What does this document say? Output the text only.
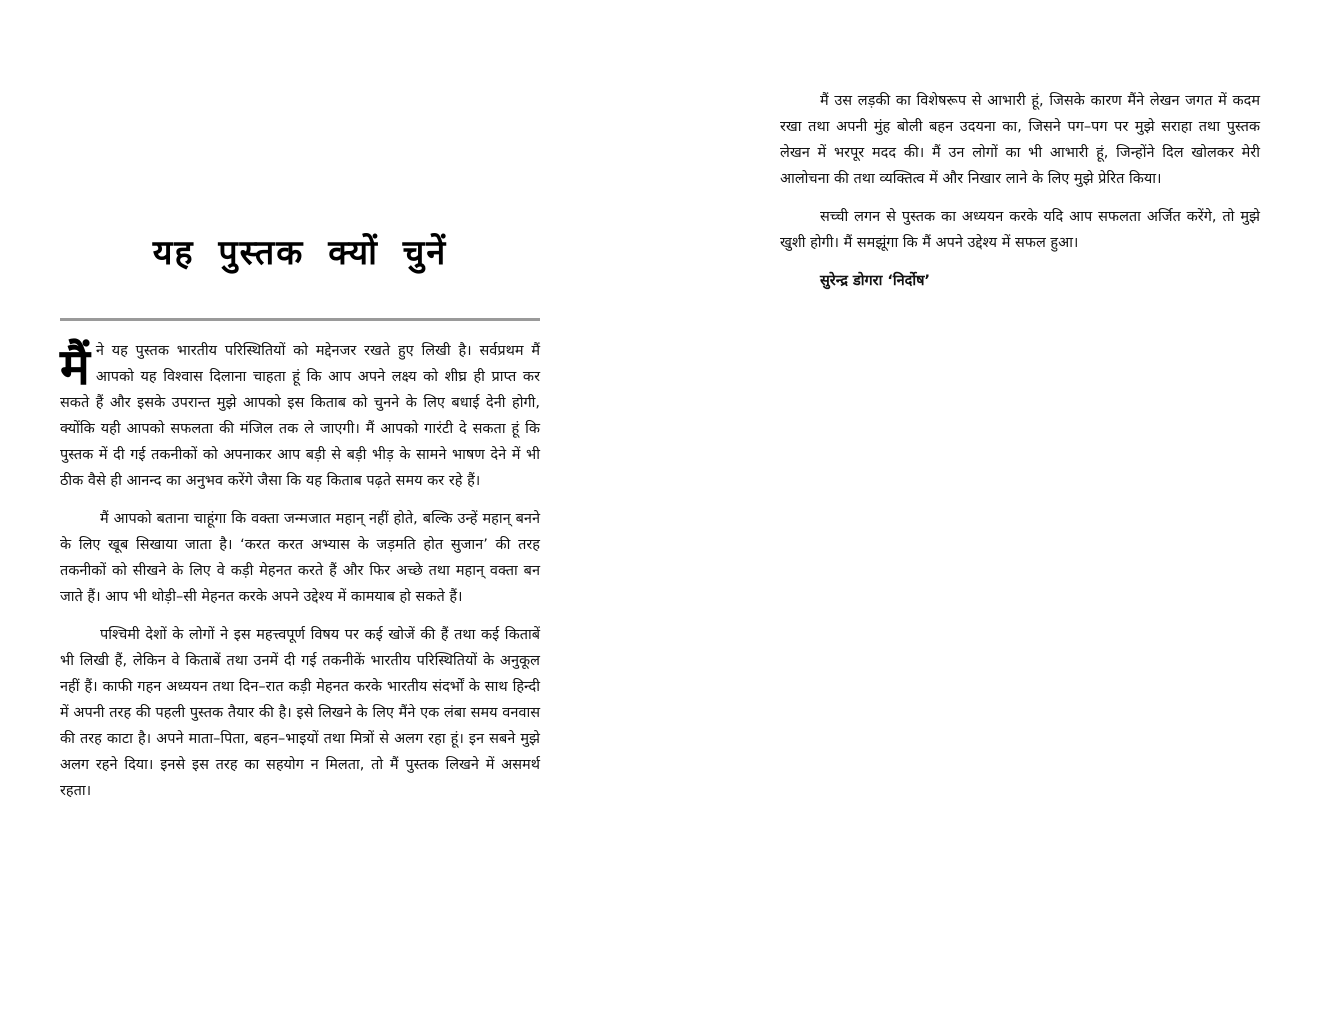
यह पुस्तक क्यों चुनें

मैंने यह पुस्तक भारतीय परिस्थितियों को मद्देनजर रखते हुए लिखी है। सर्वप्रथम मैं आपको यह विश्वास दिलाना चाहता हूं कि आप अपने लक्ष्य को शीघ्र ही प्राप्त कर सकते हैं और इसके उपरान्त मुझे आपको इस किताब को चुनने के लिए बधाई देनी होगी, क्योंकि यही आपको सफलता की मंजिल तक ले जाएगी। मैं आपको गारंटी दे सकता हूं कि पुस्तक में दी गई तकनीकों को अपनाकर आप बड़ी से बड़ी भीड़ के सामने भाषण देने में भी ठीक वैसे ही आनन्द का अनुभव करेंगे जैसा कि यह किताब पढ़ते समय कर रहे हैं।

मैं आपको बताना चाहूंगा कि वक्ता जन्मजात महान् नहीं होते, बल्कि उन्हें महान् बनने के लिए खूब सिखाया जाता है। ‘करत करत अभ्यास के जड़मति होत सुजान’ की तरह तकनीकों को सीखने के लिए वे कड़ी मेहनत करते हैं और फिर अच्छे तथा महान् वक्ता बन जाते हैं। आप भी थोड़ी–सी मेहनत करके अपने उद्देश्य में कामयाब हो सकते हैं।

पश्चिमी देशों के लोगों ने इस महत्त्वपूर्ण विषय पर कई खोजें की हैं तथा कई किताबें भी लिखी हैं, लेकिन वे किताबें तथा उनमें दी गई तकनीकें भारतीय परिस्थितियों के अनुकूल नहीं हैं। काफी गहन अध्ययन तथा दिन–रात कड़ी मेहनत करके भारतीय संदर्भों के साथ हिन्दी में अपनी तरह की पहली पुस्तक तैयार की है। इसे लिखने के लिए मैंने एक लंबा समय वनवास की तरह काटा है। अपने माता–पिता, बहन–भाइयों तथा मित्रों से अलग रहा हूं। इन सबने मुझे अलग रहने दिया। इनसे इस तरह का सहयोग न मिलता, तो मैं पुस्तक लिखने में असमर्थ रहता।

मैं उस लड़की का विशेषरूप से आभारी हूं, जिसके कारण मैंने लेखन जगत में कदम रखा तथा अपनी मुंह बोली बहन उदयना का, जिसने पग–पग पर मुझे सराहा तथा पुस्तक लेखन में भरपूर मदद की। मैं उन लोगों का भी आभारी हूं, जिन्होंने दिल खोलकर मेरी आलोचना की तथा व्यक्तित्व में और निखार लाने के लिए मुझे प्रेरित किया।

सच्ची लगन से पुस्तक का अध्ययन करके यदि आप सफलता अर्जित करेंगे, तो मुझे खुशी होगी। मैं समझूंगा कि मैं अपने उद्देश्य में सफल हुआ।

सुरेन्द्र डोगरा ‘निर्दोष’
